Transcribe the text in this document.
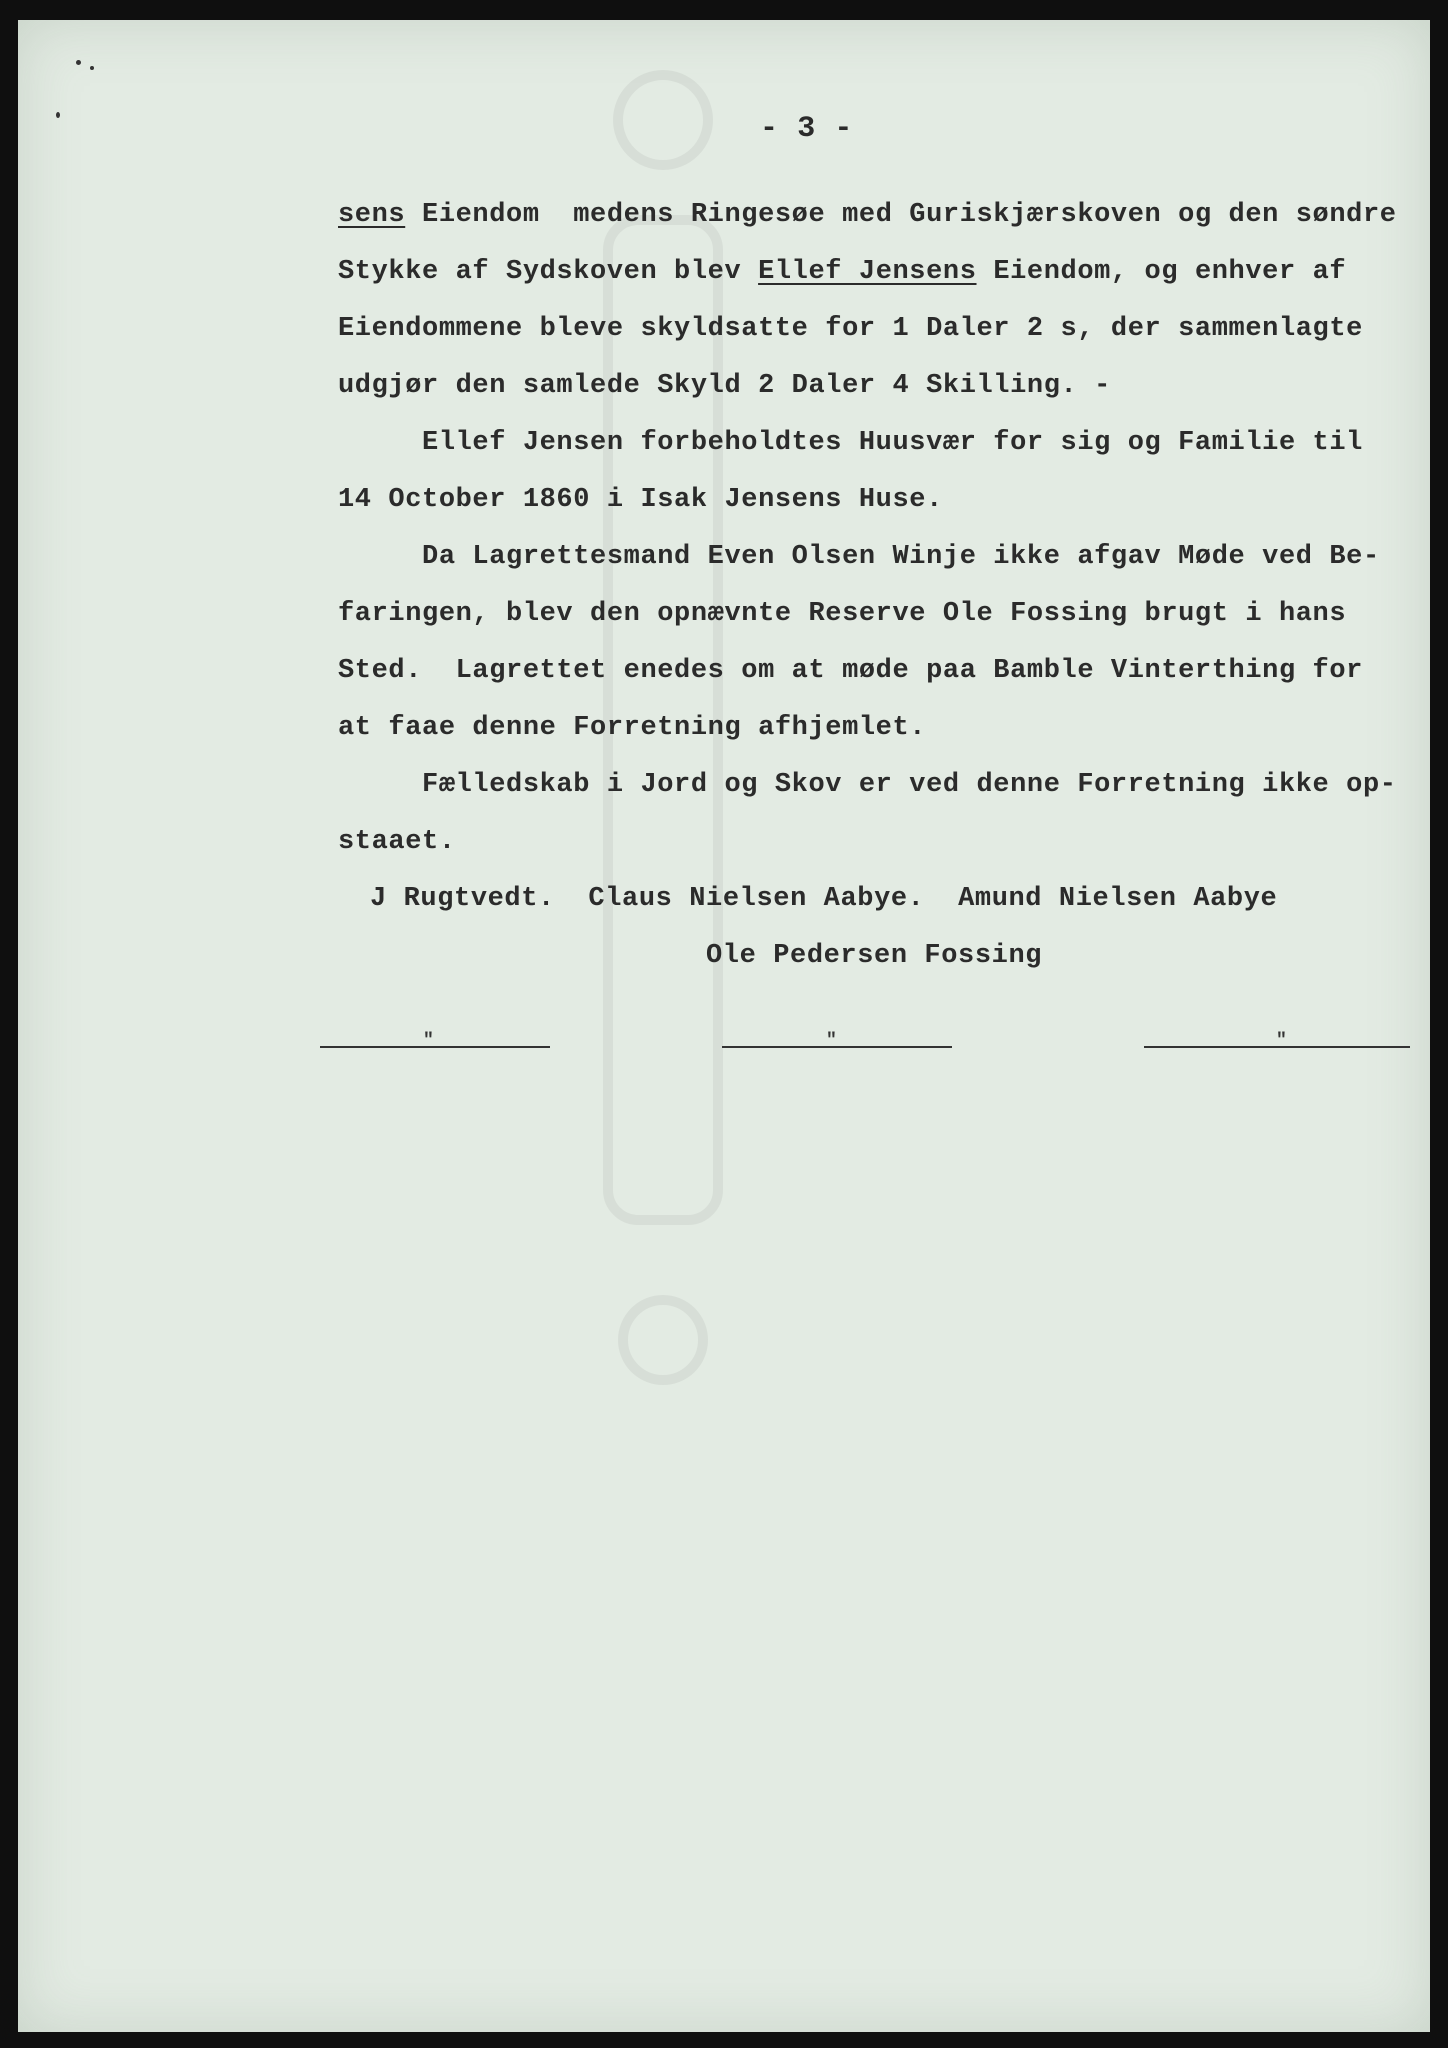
- 3 -
sens Eiendom  medens Ringesøe med Guriskjærskoven og den søndre
Stykke af Sydskoven blev Ellef Jensens Eiendom, og enhver af
Eiendommene bleve skyldsatte for 1 Daler 2 s, der sammenlagte
udgjør den samlede Skyld 2 Daler 4 Skilling. -
Ellef Jensen forbeholdtes Huusvær for sig og Familie til
14 October 1860 i Isak Jensens Huse.
Da Lagrettesmand Even Olsen Winje ikke afgav Møde ved Be-
faringen, blev den opnævnte Reserve Ole Fossing brugt i hans
Sted.  Lagrettet enedes om at møde paa Bamble Vinterthing for
at faae denne Forretning afhjemlet.
Fælledskab i Jord og Skov er ved denne Forretning ikke op-
staaet.
J Rugtvedt.  Claus Nielsen Aabye.  Amund Nielsen Aabye
Ole Pedersen Fossing
"	"	"
